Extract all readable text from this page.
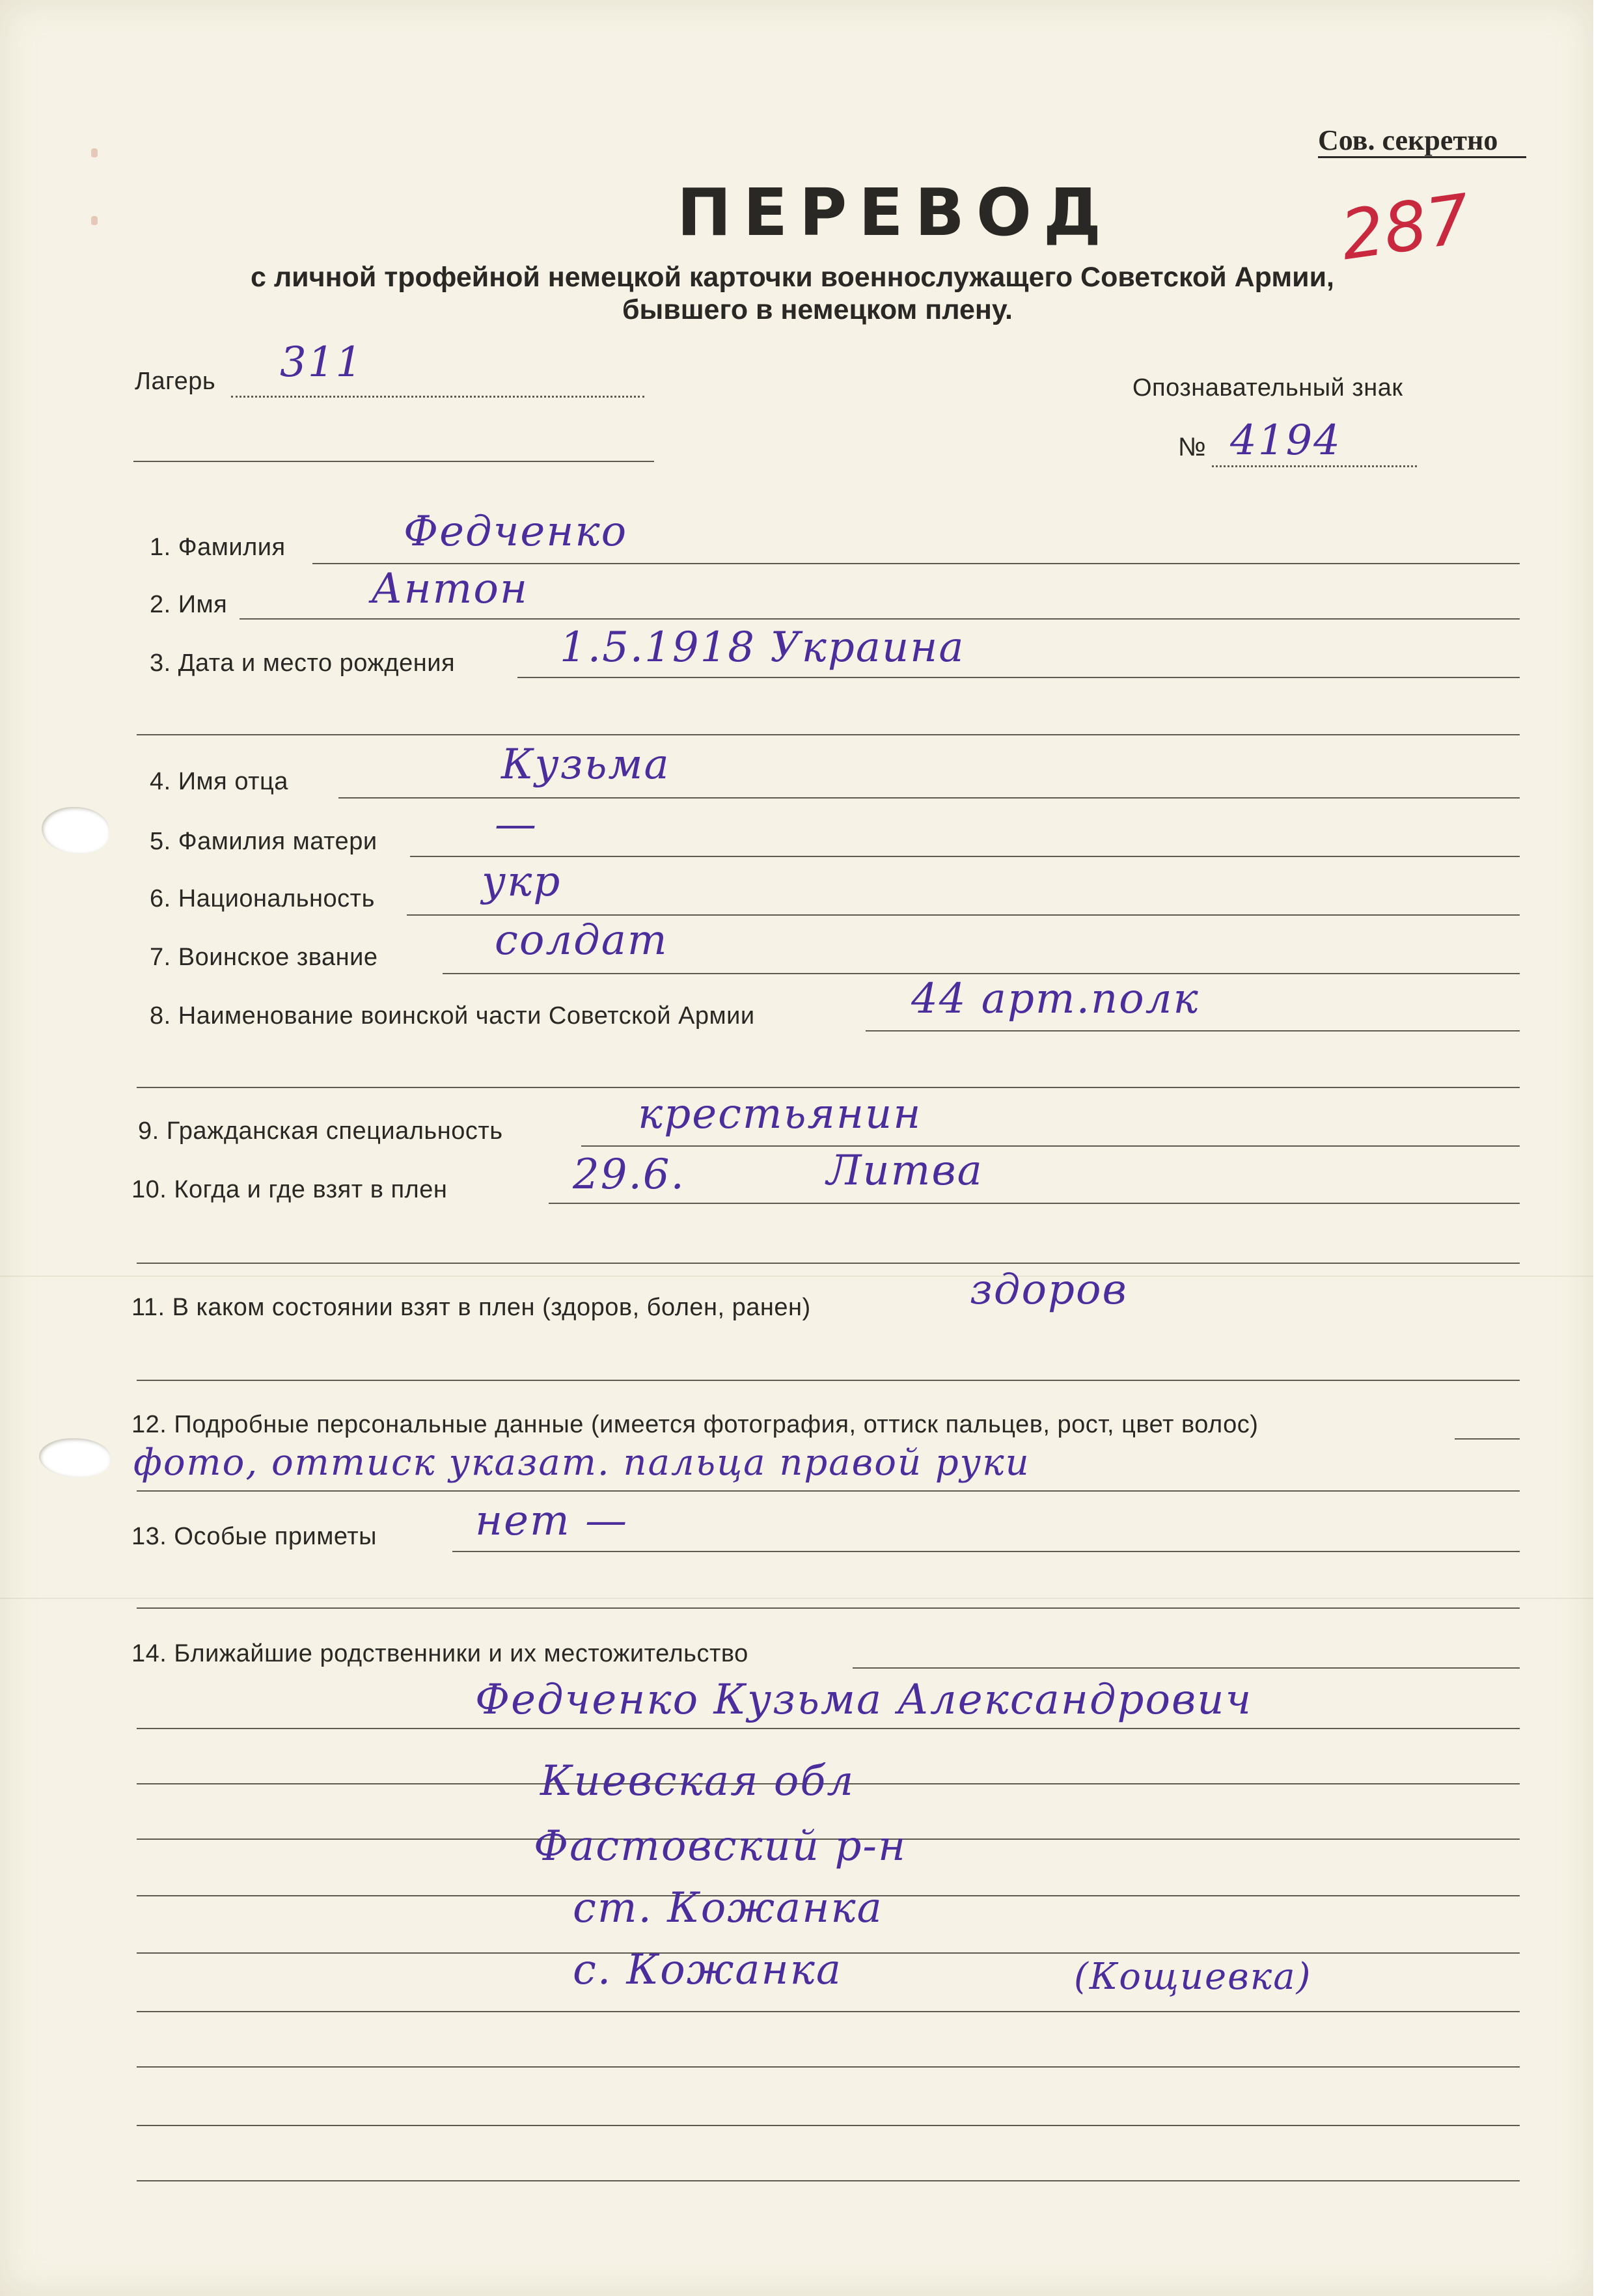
Сов. секретно
287
ПЕРЕВОД
с личной трофейной немецкой карточки военнослужащего Советской Армии,
бывшего в немецком плену.
Лагерь 311
Опознавательный знак
№ 4194
1. Фамилия	Федченко
2. Имя	Антон
3. Дата и место рождения	1.5.1918 Украина
4. Имя отца	Кузьма
5. Фамилия матери	—
6. Национальность	укр
7. Воинское звание	солдат
8. Наименование воинской части Советской Армии	44 арт.полк
9. Гражданская специальность	крестьянин
10. Когда и где взят в плен	29.6.	Литва
11. В каком состоянии взят в плен (здоров, болен, ранен)	здоров
12. Подробные персональные данные (имеется фотография, оттиск пальцев, рост, цвет волос)
фото, оттиск указат. пальца правой руки
13. Особые приметы нет —
14. Ближайшие родственники и их местожительство
Федченко Кузьма Александрович
Киевская обл
Фастовский р-н
ст. Кожанка
с. Кожанка	(Кощиевка)
